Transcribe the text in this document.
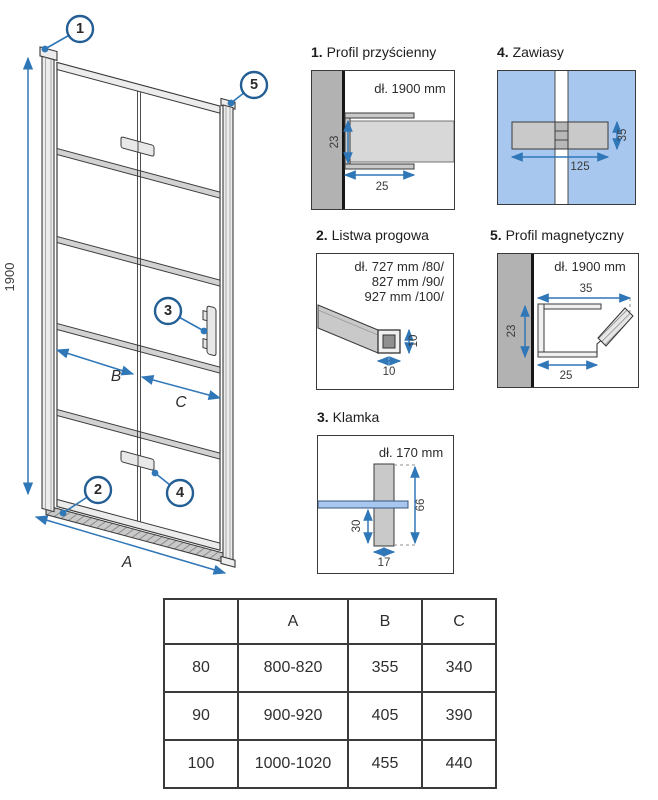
1900
A
B
C
1
5
2
3
4
1. Profil przyścienny
dł. 1900 mm
23
25
4. Zawiasy
35
125
2. Listwa progowa
dł. 727 mm /80/
827 mm /90/
927 mm /100/
10
10
5. Profil magnetyczny
dł. 1900 mm
35
23
25
3. Klamka
dł. 170 mm
66
30
17
	A	B	C
80	800-820	355	340
90	900-920	405	390
100	1000-1020	455	440
